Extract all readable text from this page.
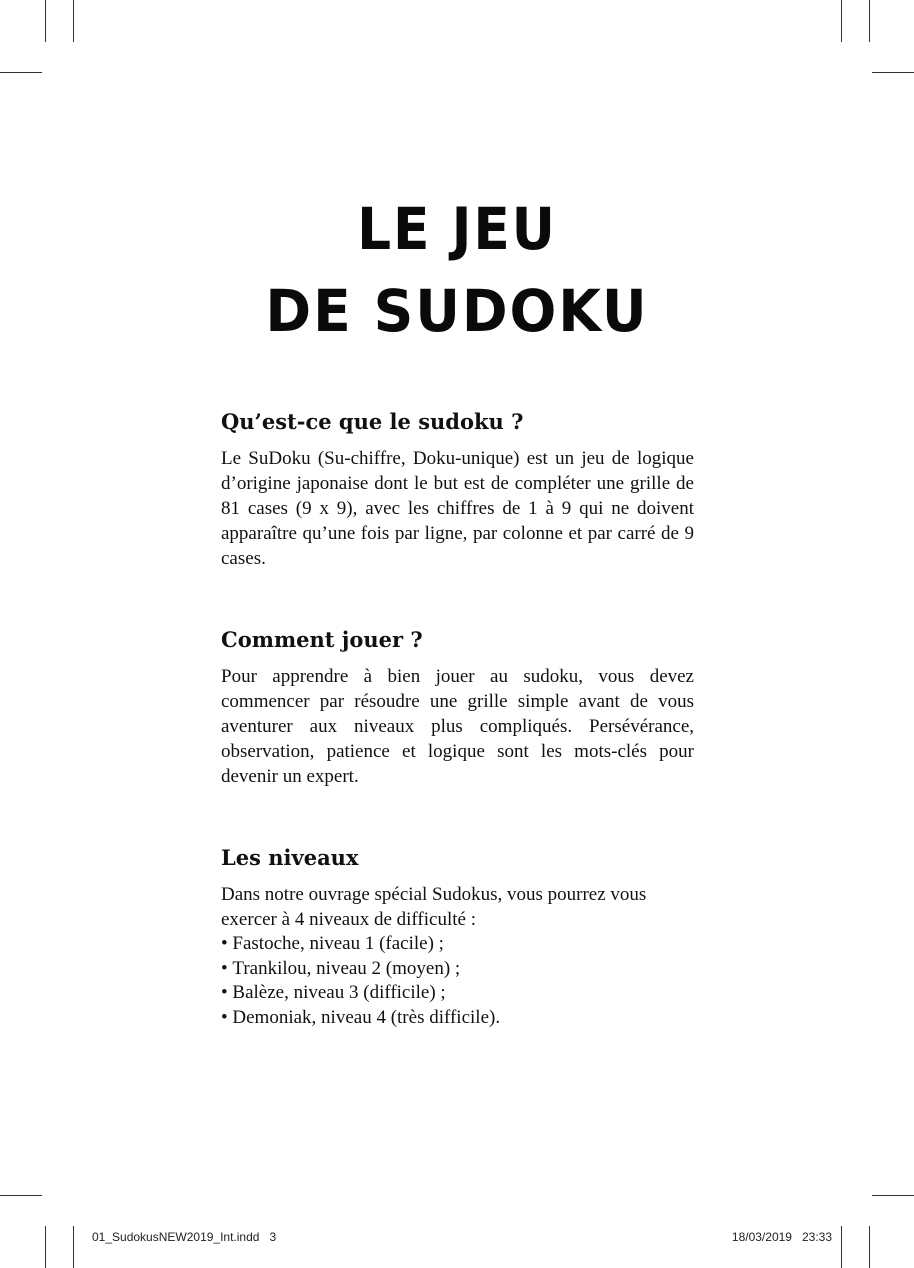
LE JEU
DE SUDOKU
Qu’est-ce que le sudoku ?

Le SuDoku (Su-chiffre, Doku-unique) est un jeu de logique d’origine japonaise dont le but est de compléter une grille de 81 cases (9 x 9), avec les chiffres de 1 à 9 qui ne doivent apparaître qu’une fois par ligne, par colonne et par carré de 9 cases.

Comment jouer ?

Pour apprendre à bien jouer au sudoku, vous devez commencer par résoudre une grille simple avant de vous aventurer aux niveaux plus compliqués. Persévérance, observation, patience et logique sont les mots-clés pour devenir un expert.

Les niveaux

Dans notre ouvrage spécial Sudokus, vous pourrez vous exercer à 4 niveaux de difficulté :

• Fastoche, niveau 1 (facile) ;
• Trankilou, niveau 2 (moyen) ;
• Balèze, niveau 3 (difficile) ;
• Demoniak, niveau 4 (très difficile).
01_SudokusNEW2019_Int.indd   3	18/03/2019   23:33
